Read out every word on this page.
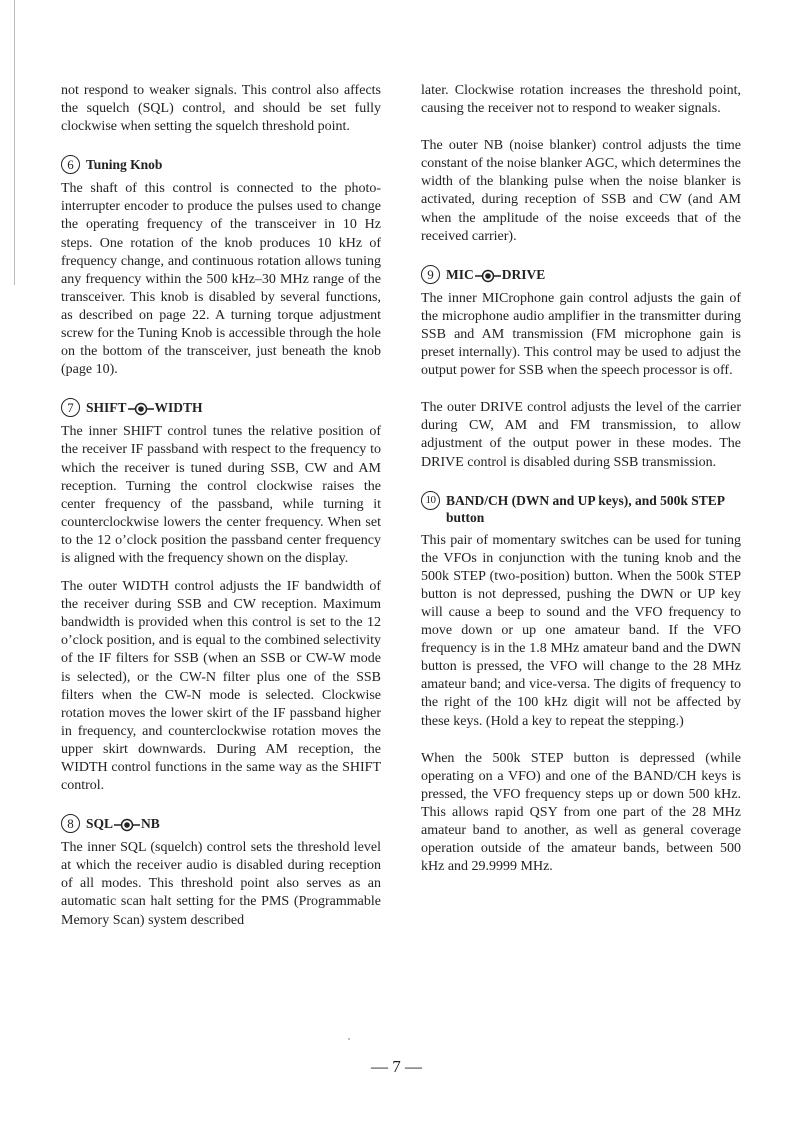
not respond to weaker signals. This control also affects the squelch (SQL) control, and should be set fully clockwise when setting the squelch threshold point.

6 Tuning Knob

The shaft of this control is connected to the photo-interrupter encoder to produce the pulses used to change the operating frequency of the transceiver in 10 Hz steps. One rotation of the knob produces 10 kHz of frequency change, and continuous rotation allows tuning any frequency within the 500 kHz–30 MHz range of the transceiver. This knob is disabled by several functions, as described on page 22. A turning torque adjustment screw for the Tuning Knob is accessible through the hole on the bottom of the transceiver, just beneath the knob (page 10).

7 SHIFT WIDTH

The inner SHIFT control tunes the relative position of the receiver IF passband with respect to the frequency to which the receiver is tuned during SSB, CW and AM reception. Turning the control clockwise raises the center frequency of the passband, while turning it counterclockwise lowers the center frequency. When set to the 12 o’clock position the passband center frequency is aligned with the frequency shown on the display.

The outer WIDTH control adjusts the IF bandwidth of the receiver during SSB and CW reception. Maximum bandwidth is provided when this control is set to the 12 o’clock position, and is equal to the combined selectivity of the IF filters for SSB (when an SSB or CW-W mode is selected), or the CW-N filter plus one of the SSB filters when the CW-N mode is selected. Clockwise rotation moves the lower skirt of the IF passband higher in frequency, and counterclockwise rotation moves the upper skirt downwards. During AM reception, the WIDTH control functions in the same way as the SHIFT control.

8 SQL NB

The inner SQL (squelch) control sets the threshold level at which the receiver audio is disabled during reception of all modes. This threshold point also serves as an automatic scan halt setting for the PMS (Programmable Memory Scan) system described

later. Clockwise rotation increases the threshold point, causing the receiver not to respond to weaker signals.

The outer NB (noise blanker) control adjusts the time constant of the noise blanker AGC, which determines the width of the blanking pulse when the noise blanker is activated, during reception of SSB and CW (and AM when the amplitude of the noise exceeds that of the received carrier).

9 MIC DRIVE

The inner MICrophone gain control adjusts the gain of the microphone audio amplifier in the transmitter during SSB and AM transmission (FM microphone gain is preset internally). This control may be used to adjust the output power for SSB when the speech processor is off.

The outer DRIVE control adjusts the level of the carrier during CW, AM and FM transmission, to allow adjustment of the output power in these modes. The DRIVE control is disabled during SSB transmission.

10 BAND/CH (DWN and UP keys), and 500k STEP button

This pair of momentary switches can be used for tuning the VFOs in conjunction with the tuning knob and the 500k STEP (two-position) button. When the 500k STEP button is not depressed, pushing the DWN or UP key will cause a beep to sound and the VFO frequency to move down or up one amateur band. If the VFO frequency is in the 1.8 MHz amateur band and the DWN button is pressed, the VFO will change to the 28 MHz amateur band; and vice-versa. The digits of frequency to the right of the 100 kHz digit will not be affected by these keys. (Hold a key to repeat the stepping.)

When the 500k STEP button is depressed (while operating on a VFO) and one of the BAND/CH keys is pressed, the VFO frequency steps up or down 500 kHz. This allows rapid QSY from one part of the 28 MHz amateur band to another, as well as general coverage operation outside of the amateur bands, between 500 kHz and 29.9999 MHz.

— 7 —
